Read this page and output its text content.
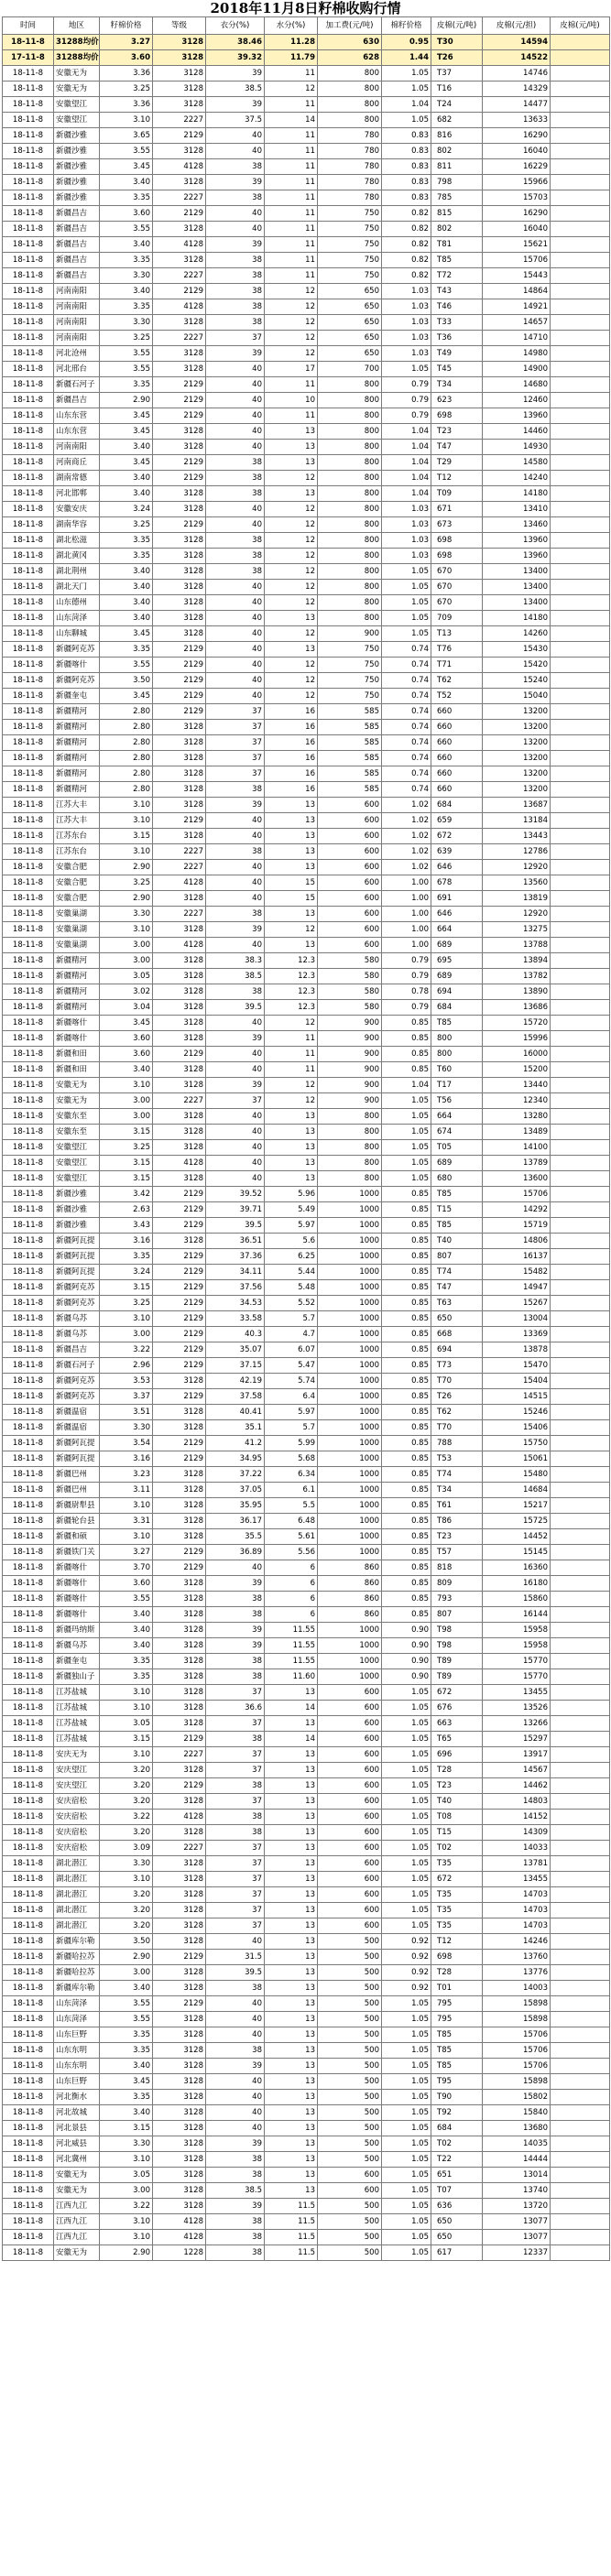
2018年11月8日籽棉收购行情
时间	地区	籽棉价格	等级	衣分(%)	水分(%)	加工费(元/吨)	棉籽价格	皮棉(元/吨)	皮棉(元/担)	皮棉(元/吨)
18-11-8	31288均价	3.27	3128	38.46	11.28	630	0.95	T30	14594	
17-11-8	31288均价	3.60	3128	39.32	11.79	628	1.44	T26	14522	
18-11-8	安徽无为	3.36	3128	39	11	800	1.05	T37	14746	
18-11-8	安徽无为	3.25	3128	38.5	12	800	1.05	T16	14329	
18-11-8	安徽望江	3.36	3128	39	11	800	1.04	T24	14477	
18-11-8	安徽望江	3.10	2227	37.5	14	800	1.05	682	13633	
18-11-8	新疆沙雅	3.65	2129	40	11	780	0.83	816	16290	
18-11-8	新疆沙雅	3.55	3128	40	11	780	0.83	802	16040	
18-11-8	新疆沙雅	3.45	4128	38	11	780	0.83	811	16229	
18-11-8	新疆沙雅	3.40	3128	39	11	780	0.83	798	15966	
18-11-8	新疆沙雅	3.35	2227	38	11	780	0.83	785	15703	
18-11-8	新疆昌吉	3.60	2129	40	11	750	0.82	815	16290	
18-11-8	新疆昌吉	3.55	3128	40	11	750	0.82	802	16040	
18-11-8	新疆昌吉	3.40	4128	39	11	750	0.82	T81	15621	
18-11-8	新疆昌吉	3.35	3128	38	11	750	0.82	T85	15706	
18-11-8	新疆昌吉	3.30	2227	38	11	750	0.82	T72	15443	
18-11-8	河南南阳	3.40	2129	38	12	650	1.03	T43	14864	
18-11-8	河南南阳	3.35	4128	38	12	650	1.03	T46	14921	
18-11-8	河南南阳	3.30	3128	38	12	650	1.03	T33	14657	
18-11-8	河南南阳	3.25	2227	37	12	650	1.03	T36	14710	
18-11-8	河北沧州	3.55	3128	39	12	650	1.03	T49	14980	
18-11-8	河北邢台	3.55	3128	40	17	700	1.05	T45	14900	
18-11-8	新疆石河子	3.35	2129	40	11	800	0.79	T34	14680	
18-11-8	新疆昌吉	2.90	2129	40	10	800	0.79	623	12460	
18-11-8	山东东营	3.45	2129	40	11	800	0.79	698	13960	
18-11-8	山东东营	3.45	3128	40	13	800	1.04	T23	14460	
18-11-8	河南南阳	3.40	3128	40	13	800	1.04	T47	14930	
18-11-8	河南商丘	3.45	2129	38	13	800	1.04	T29	14580	
18-11-8	湖南常德	3.40	2129	38	12	800	1.04	T12	14240	
18-11-8	河北邯郸	3.40	3128	38	13	800	1.04	T09	14180	
18-11-8	安徽安庆	3.24	3128	40	12	800	1.03	671	13410	
18-11-8	湖南华容	3.25	2129	40	12	800	1.03	673	13460	
18-11-8	湖北松滋	3.35	3128	38	12	800	1.03	698	13960	
18-11-8	湖北黄冈	3.35	3128	38	12	800	1.03	698	13960	
18-11-8	湖北荆州	3.40	3128	38	12	800	1.05	670	13400	
18-11-8	湖北天门	3.40	3128	40	12	800	1.05	670	13400	
18-11-8	山东德州	3.40	3128	40	12	800	1.05	670	13400	
18-11-8	山东菏泽	3.40	3128	40	13	800	1.05	709	14180	
18-11-8	山东聊城	3.45	3128	40	12	900	1.05	T13	14260	
18-11-8	新疆阿克苏	3.35	2129	40	13	750	0.74	T76	15430	
18-11-8	新疆喀什	3.55	2129	40	12	750	0.74	T71	15420	
18-11-8	新疆阿克苏	3.50	2129	40	12	750	0.74	T62	15240	
18-11-8	新疆奎屯	3.45	2129	40	12	750	0.74	T52	15040	
18-11-8	新疆精河	2.80	2129	37	16	585	0.74	660	13200	
18-11-8	新疆精河	2.80	3128	37	16	585	0.74	660	13200	
18-11-8	新疆精河	2.80	3128	37	16	585	0.74	660	13200	
18-11-8	新疆精河	2.80	3128	37	16	585	0.74	660	13200	
18-11-8	新疆精河	2.80	3128	37	16	585	0.74	660	13200	
18-11-8	新疆精河	2.80	3128	38	16	585	0.74	660	13200	
18-11-8	江苏大丰	3.10	3128	39	13	600	1.02	684	13687	
18-11-8	江苏大丰	3.10	2129	40	13	600	1.02	659	13184	
18-11-8	江苏东台	3.15	3128	40	13	600	1.02	672	13443	
18-11-8	江苏东台	3.10	2227	38	13	600	1.02	639	12786	
18-11-8	安徽合肥	2.90	2227	40	13	600	1.02	646	12920	
18-11-8	安徽合肥	3.25	4128	40	15	600	1.00	678	13560	
18-11-8	安徽合肥	2.90	3128	40	15	600	1.00	691	13819	
18-11-8	安徽巢湖	3.30	2227	38	13	600	1.00	646	12920	
18-11-8	安徽巢湖	3.10	3128	39	12	600	1.00	664	13275	
18-11-8	安徽巢湖	3.00	4128	40	13	600	1.00	689	13788	
18-11-8	新疆精河	3.00	3128	38.3	12.3	580	0.79	695	13894	
18-11-8	新疆精河	3.05	3128	38.5	12.3	580	0.79	689	13782	
18-11-8	新疆精河	3.02	3128	38	12.3	580	0.78	694	13890	
18-11-8	新疆精河	3.04	3128	39.5	12.3	580	0.79	684	13686	
18-11-8	新疆喀什	3.45	3128	40	12	900	0.85	T85	15720	
18-11-8	新疆喀什	3.60	3128	39	11	900	0.85	800	15996	
18-11-8	新疆和田	3.60	2129	40	11	900	0.85	800	16000	
18-11-8	新疆和田	3.40	3128	40	11	900	0.85	T60	15200	
18-11-8	安徽无为	3.10	3128	39	12	900	1.04	T17	13440	
18-11-8	安徽无为	3.00	2227	37	12	900	1.05	T56	12340	
18-11-8	安徽东至	3.00	3128	40	13	800	1.05	664	13280	
18-11-8	安徽东至	3.15	3128	40	13	800	1.05	674	13489	
18-11-8	安徽望江	3.25	3128	40	13	800	1.05	T05	14100	
18-11-8	安徽望江	3.15	4128	40	13	800	1.05	689	13789	
18-11-8	安徽望江	3.15	3128	40	13	800	1.05	680	13600	
18-11-8	新疆沙雅	3.42	2129	39.52	5.96	1000	0.85	T85	15706	
18-11-8	新疆沙雅	2.63	2129	39.71	5.49	1000	0.85	T15	14292	
18-11-8	新疆沙雅	3.43	2129	39.5	5.97	1000	0.85	T85	15719	
18-11-8	新疆阿瓦提	3.16	3128	36.51	5.6	1000	0.85	T40	14806	
18-11-8	新疆阿瓦提	3.35	2129	37.36	6.25	1000	0.85	807	16137	
18-11-8	新疆阿瓦提	3.24	2129	34.11	5.44	1000	0.85	T74	15482	
18-11-8	新疆阿克苏	3.15	2129	37.56	5.48	1000	0.85	T47	14947	
18-11-8	新疆阿克苏	3.25	2129	34.53	5.52	1000	0.85	T63	15267	
18-11-8	新疆乌苏	3.10	2129	33.58	5.7	1000	0.85	650	13004	
18-11-8	新疆乌苏	3.00	2129	40.3	4.7	1000	0.85	668	13369	
18-11-8	新疆昌吉	3.22	2129	35.07	6.07	1000	0.85	694	13878	
18-11-8	新疆石河子	2.96	2129	37.15	5.47	1000	0.85	T73	15470	
18-11-8	新疆阿克苏	3.53	3128	42.19	5.74	1000	0.85	T70	15404	
18-11-8	新疆阿克苏	3.37	2129	37.58	6.4	1000	0.85	T26	14515	
18-11-8	新疆温宿	3.51	3128	40.41	5.97	1000	0.85	T62	15246	
18-11-8	新疆温宿	3.30	3128	35.1	5.7	1000	0.85	T70	15406	
18-11-8	新疆阿瓦提	3.54	2129	41.2	5.99	1000	0.85	788	15750	
18-11-8	新疆阿瓦提	3.16	2129	34.95	5.68	1000	0.85	T53	15061	
18-11-8	新疆巴州	3.23	3128	37.22	6.34	1000	0.85	T74	15480	
18-11-8	新疆巴州	3.11	3128	37.05	6.1	1000	0.85	T34	14684	
18-11-8	新疆尉犁县	3.10	3128	35.95	5.5	1000	0.85	T61	15217	
18-11-8	新疆轮台县	3.31	3128	36.17	6.48	1000	0.85	T86	15725	
18-11-8	新疆和硕	3.10	3128	35.5	5.61	1000	0.85	T23	14452	
18-11-8	新疆铁门关	3.27	2129	36.89	5.56	1000	0.85	T57	15145	
18-11-8	新疆喀什	3.70	2129	40	6	860	0.85	818	16360	
18-11-8	新疆喀什	3.60	3128	39	6	860	0.85	809	16180	
18-11-8	新疆喀什	3.55	3128	38	6	860	0.85	793	15860	
18-11-8	新疆喀什	3.40	3128	38	6	860	0.85	807	16144	
18-11-8	新疆玛纳斯	3.40	3128	39	11.55	1000	0.90	T98	15958	
18-11-8	新疆乌苏	3.40	3128	39	11.55	1000	0.90	T98	15958	
18-11-8	新疆奎屯	3.35	3128	38	11.55	1000	0.90	T89	15770	
18-11-8	新疆独山子	3.35	3128	38	11.60	1000	0.90	T89	15770	
18-11-8	江苏盐城	3.10	3128	37	13	600	1.05	672	13455	
18-11-8	江苏盐城	3.10	3128	36.6	14	600	1.05	676	13526	
18-11-8	江苏盐城	3.05	3128	37	13	600	1.05	663	13266	
18-11-8	江苏盐城	3.15	2129	38	14	600	1.05	T65	15297	
18-11-8	安庆无为	3.10	2227	37	13	600	1.05	696	13917	
18-11-8	安庆望江	3.20	3128	37	13	600	1.05	T28	14567	
18-11-8	安庆望江	3.20	2129	38	13	600	1.05	T23	14462	
18-11-8	安庆宿松	3.20	3128	37	13	600	1.05	T40	14803	
18-11-8	安庆宿松	3.22	4128	38	13	600	1.05	T08	14152	
18-11-8	安庆宿松	3.20	3128	38	13	600	1.05	T15	14309	
18-11-8	安庆宿松	3.09	2227	37	13	600	1.05	T02	14033	
18-11-8	湖北潜江	3.30	3128	37	13	600	1.05	T35	13781	
18-11-8	湖北潜江	3.10	3128	37	13	600	1.05	672	13455	
18-11-8	湖北潜江	3.20	3128	37	13	600	1.05	T35	14703	
18-11-8	湖北潜江	3.20	3128	37	13	600	1.05	T35	14703	
18-11-8	湖北潜江	3.20	3128	37	13	600	1.05	T35	14703	
18-11-8	新疆库尔勒	3.50	3128	40	13	500	0.92	T12	14246	
18-11-8	新疆哈拉苏	2.90	2129	31.5	13	500	0.92	698	13760	
18-11-8	新疆哈拉苏	3.00	3128	39.5	13	500	0.92	T28	13776	
18-11-8	新疆库尔勒	3.40	3128	38	13	500	0.92	T01	14003	
18-11-8	山东菏泽	3.55	2129	40	13	500	1.05	795	15898	
18-11-8	山东菏泽	3.55	3128	40	13	500	1.05	795	15898	
18-11-8	山东巨野	3.35	3128	40	13	500	1.05	T85	15706	
18-11-8	山东东明	3.35	3128	38	13	500	1.05	T85	15706	
18-11-8	山东东明	3.40	3128	39	13	500	1.05	T85	15706	
18-11-8	山东巨野	3.45	3128	40	13	500	1.05	T95	15898	
18-11-8	河北衡水	3.35	3128	40	13	500	1.05	T90	15802	
18-11-8	河北故城	3.40	3128	40	13	500	1.05	T92	15840	
18-11-8	河北景县	3.15	3128	40	13	500	1.05	684	13680	
18-11-8	河北威县	3.30	3128	39	13	500	1.05	T02	14035	
18-11-8	河北冀州	3.10	3128	38	13	500	1.05	T22	14444	
18-11-8	安徽无为	3.05	3128	38	13	600	1.05	651	13014	
18-11-8	安徽无为	3.00	3128	38.5	13	600	1.05	T07	13740	
18-11-8	江西九江	3.22	3128	39	11.5	500	1.05	636	13720	
18-11-8	江西九江	3.10	4128	38	11.5	500	1.05	650	13077	
18-11-8	江西九江	3.10	4128	38	11.5	500	1.05	650	13077	
18-11-8	安徽无为	2.90	1228	38	11.5	500	1.05	617	12337	
